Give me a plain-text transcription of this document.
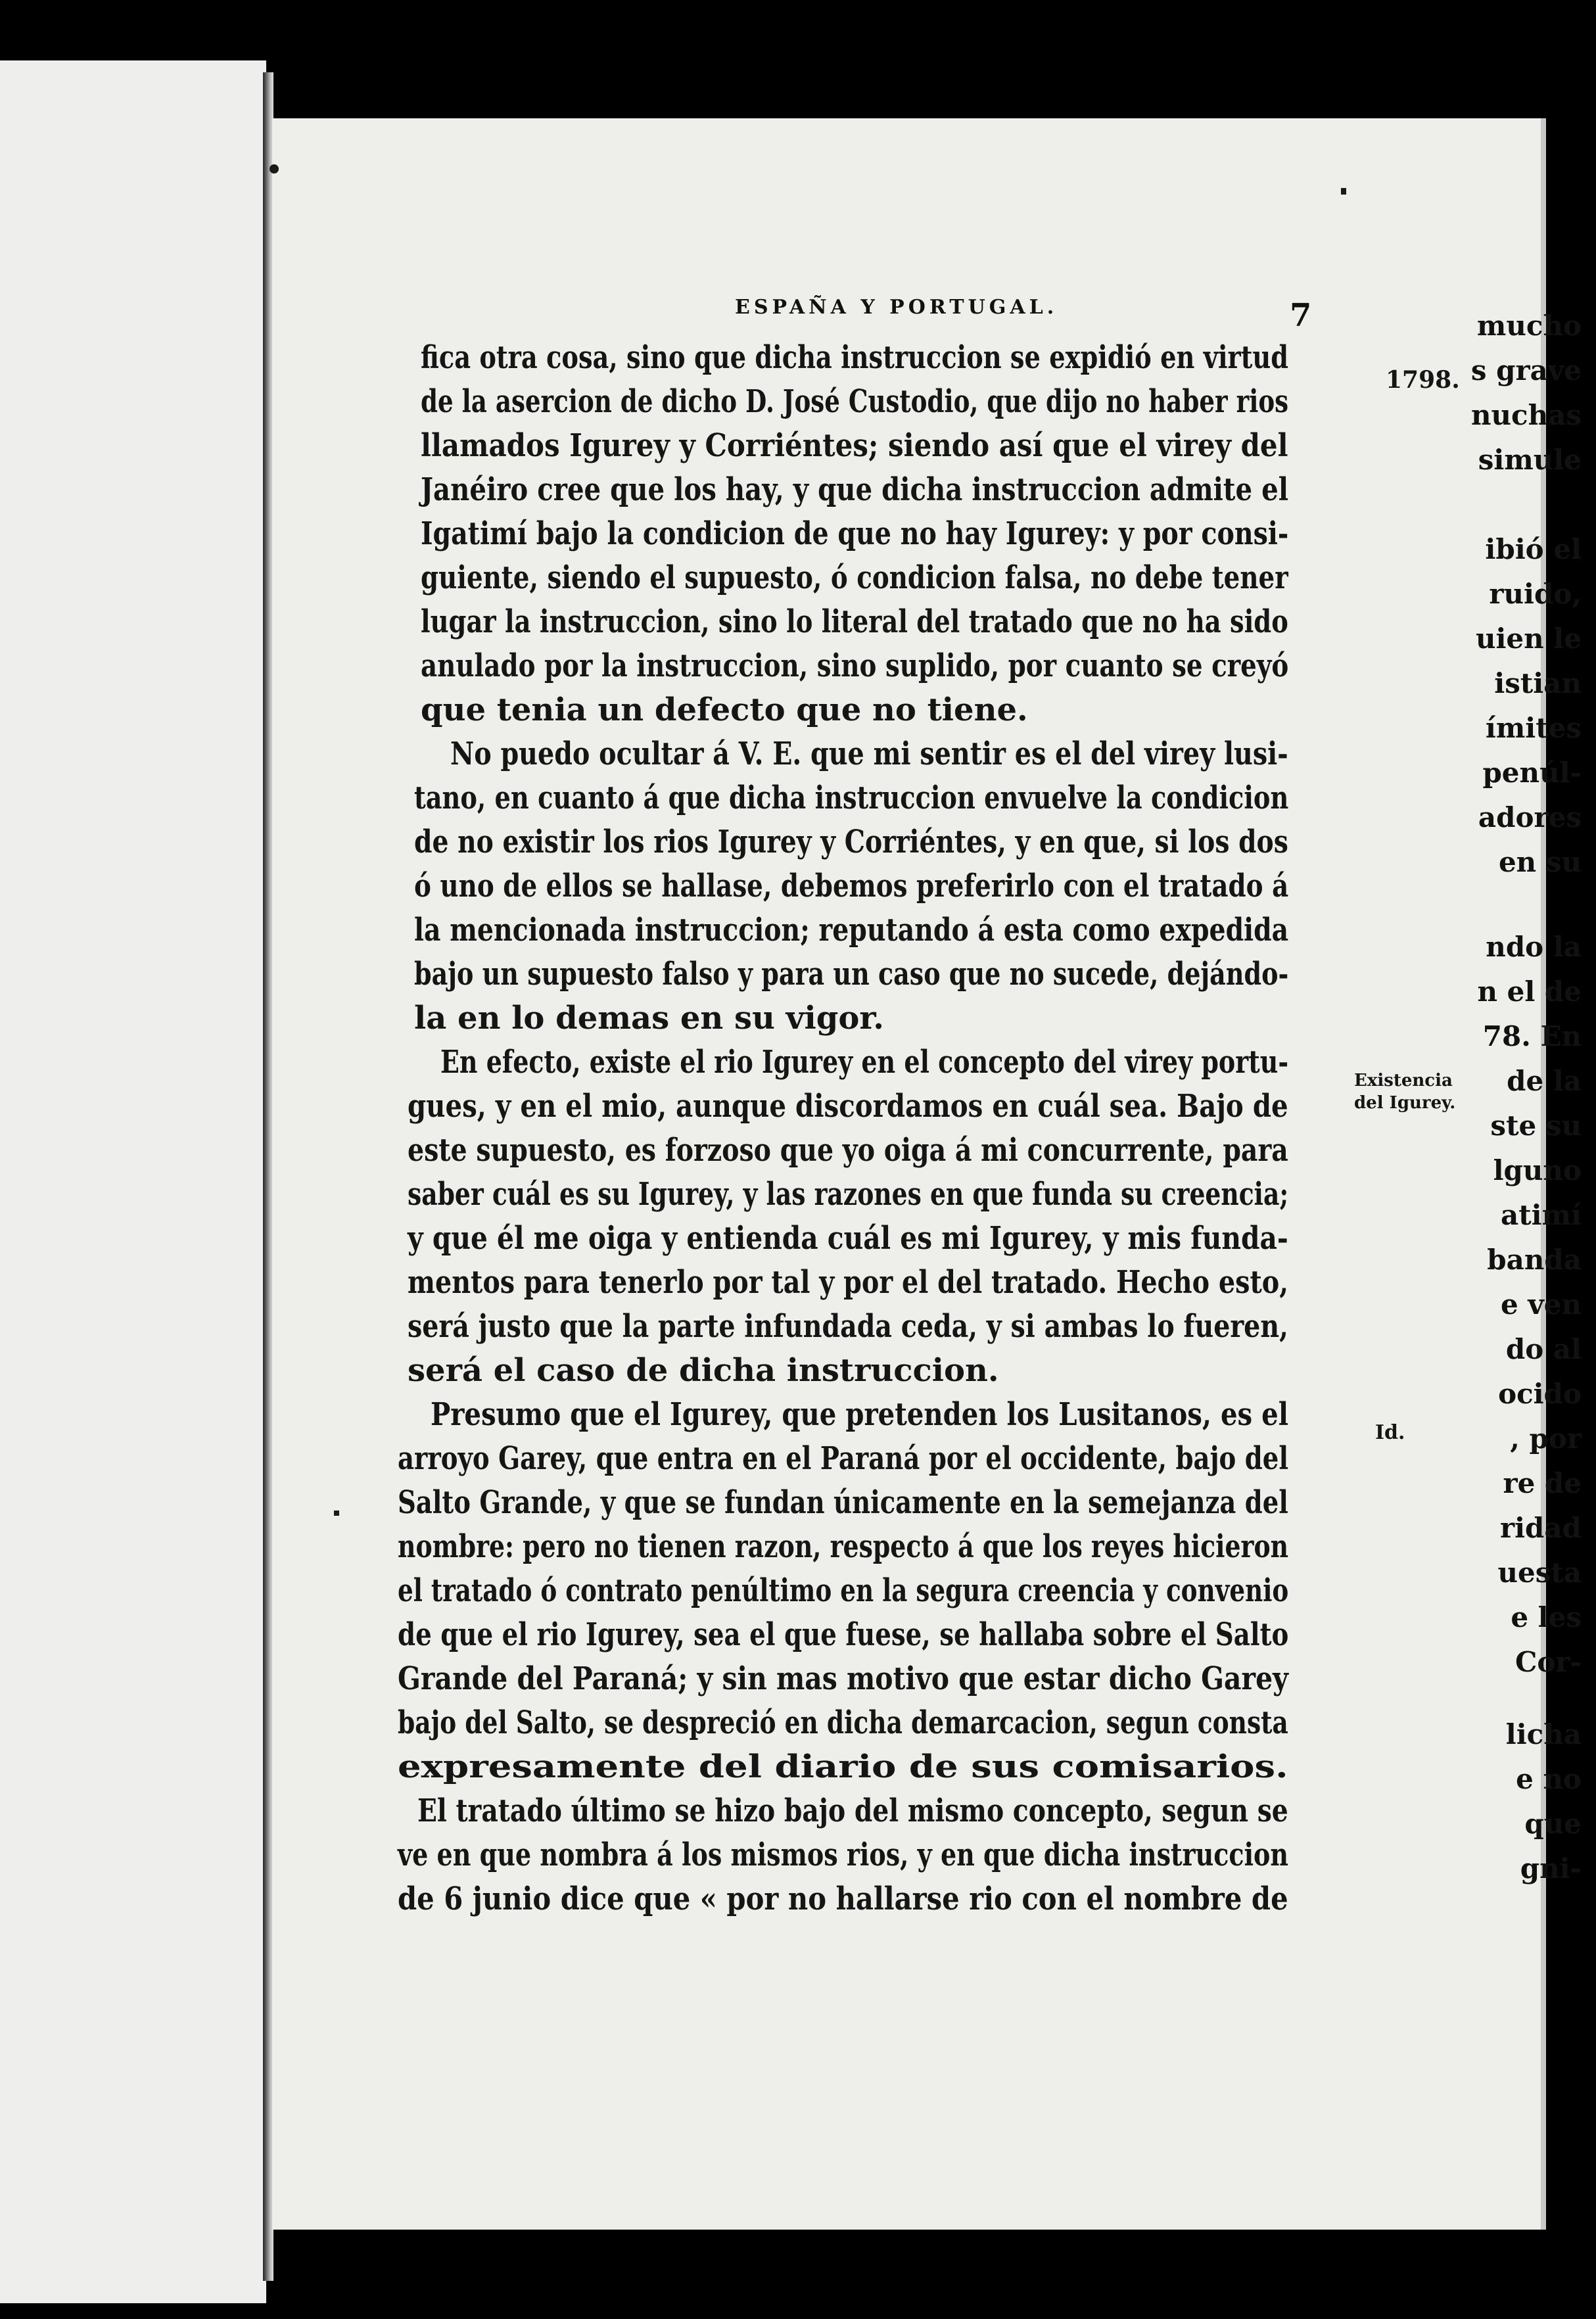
mucho
s grave
nuchas
simule
ibió el
ruido,
uien le
istian
ímites
penúl-
adores
en su
ndo la
n el de
78. En
de la
ste su
lguno
atimí
banda
e ven
do al
ocido
, por
re de
ridad
uesta
e les
Cor-
licha
e no
que
gni-
ESPAÑA Y PORTUGAL.	7
1798.
Existencia
del Igurey.
Id.
fica otra cosa, sino que dicha instruccion se expidió en virtud
de la asercion de dicho D. José Custodio, que dijo no haber rios
llamados Igurey y Corriéntes; siendo así que el virey del
Janéiro cree que los hay, y que dicha instruccion admite el
Igatimí bajo la condicion de que no hay Igurey: y por consi-
guiente, siendo el supuesto, ó condicion falsa, no debe tener
lugar la instruccion, sino lo literal del tratado que no ha sido
anulado por la instruccion, sino suplido, por cuanto se creyó
que tenia un defecto que no tiene.
No puedo ocultar á V. E. que mi sentir es el del virey lusi-
tano, en cuanto á que dicha instruccion envuelve la condicion
de no existir los rios Igurey y Corriéntes, y en que, si los dos
ó uno de ellos se hallase, debemos preferirlo con el tratado á
la mencionada instruccion; reputando á esta como expedida
bajo un supuesto falso y para un caso que no sucede, dejándo-
la en lo demas en su vigor.
En efecto, existe el rio Igurey en el concepto del virey portu-
gues, y en el mio, aunque discordamos en cuál sea. Bajo de
este supuesto, es forzoso que yo oiga á mi concurrente, para
saber cuál es su Igurey, y las razones en que funda su creencia;
y que él me oiga y entienda cuál es mi Igurey, y mis funda-
mentos para tenerlo por tal y por el del tratado. Hecho esto,
será justo que la parte infundada ceda, y si ambas lo fueren,
será el caso de dicha instruccion.
Presumo que el Igurey, que pretenden los Lusitanos, es el
arroyo Garey, que entra en el Paraná por el occidente, bajo del
Salto Grande, y que se fundan únicamente en la semejanza del
nombre: pero no tienen razon, respecto á que los reyes hicieron
el tratado ó contrato penúltimo en la segura creencia y convenio
de que el rio Igurey, sea el que fuese, se hallaba sobre el Salto
Grande del Paraná; y sin mas motivo que estar dicho Garey
bajo del Salto, se despreció en dicha demarcacion, segun consta
expresamente del diario de sus comisarios.
El tratado último se hizo bajo del mismo concepto, segun se
ve en que nombra á los mismos rios, y en que dicha instruccion
de 6 junio dice que « por no hallarse rio con el nombre de
